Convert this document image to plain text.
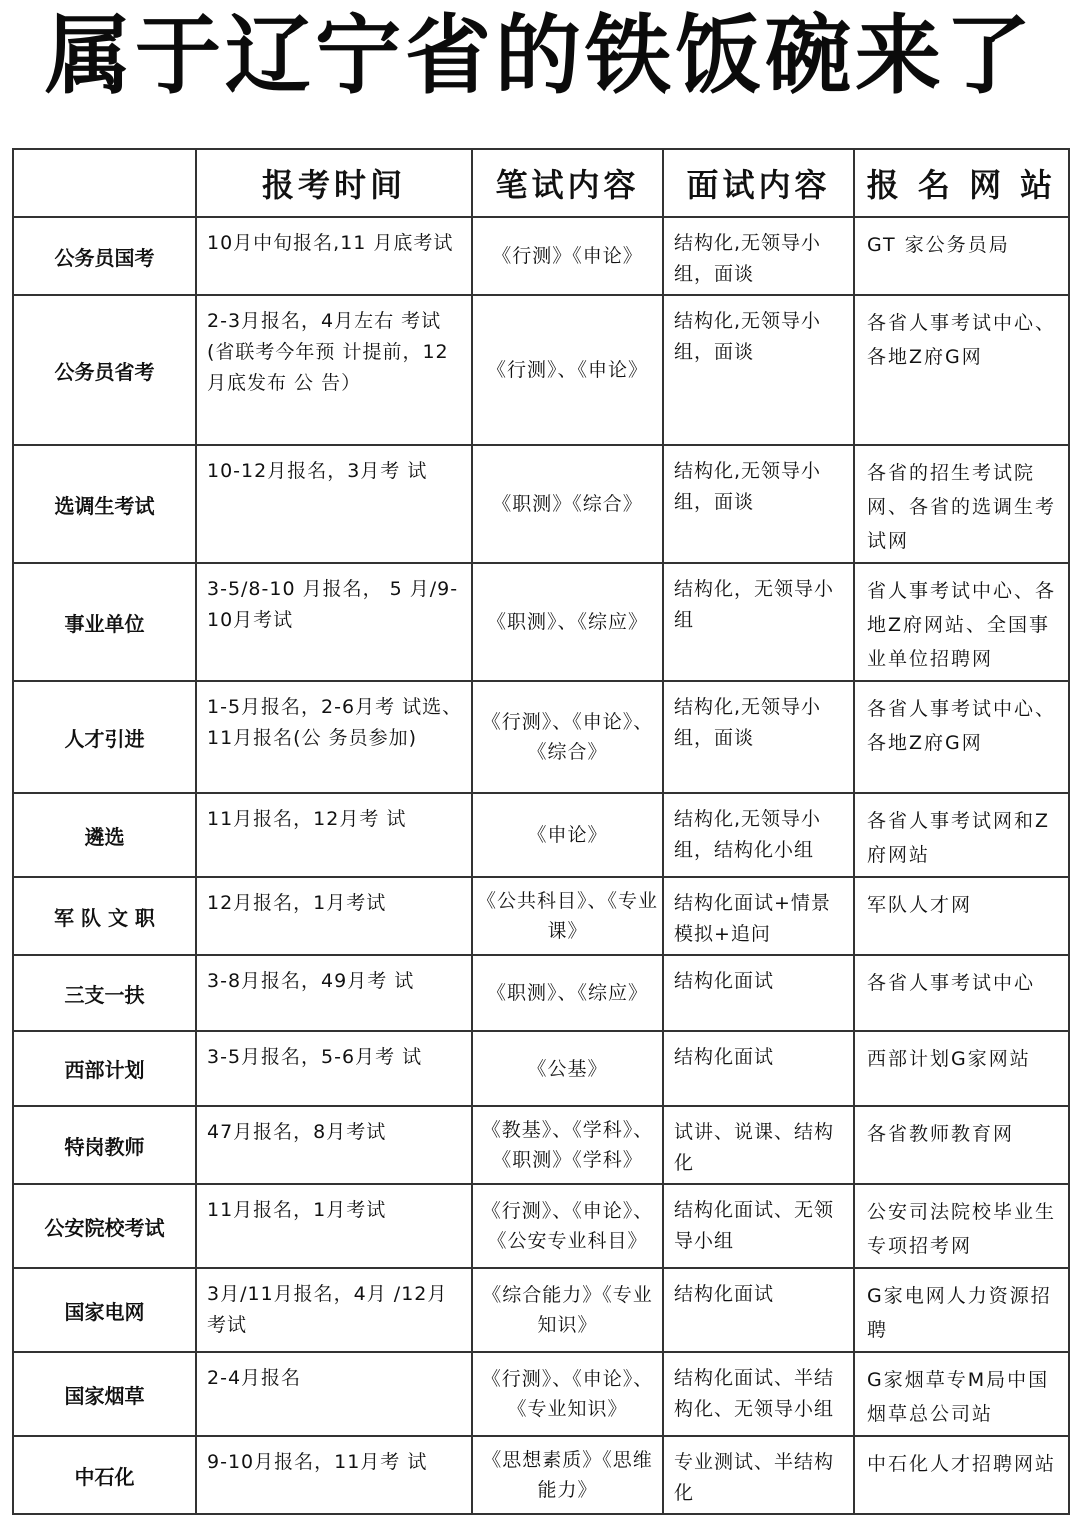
属于辽宁省的铁饭碗来了
	报考时间	笔试内容	面试内容	报 名 网 站
公务员国考	10月中旬报名,11 月底考试	《行测》《申论》	结构化,无领导小组，面谈	GT 家公务员局
公务员省考	2-3月报名，4月左右 考试(省联考今年预 计提前，12月底发布 公 告）	《行测》、《申论》	结构化,无领导小组，面谈	各省人事考试中心、 各地Z府G网
选调生考试	10-12月报名，3月考 试	《职测》《综合》	结构化,无领导小组，面谈	各省的招生考试院网、各省的选调生考试网
事业单位	3-5/8-10 月报名， 5 月/9-10月考试	《职测》、《综应》	结构化，无领导小组	省人事考试中心、各地Z府网站、全国事业单位招聘网
人才引进	1-5月报名，2-6月考 试选、11月报名(公 务员参加)	《行测》、《申论》、《综合》	结构化,无领导小组，面谈	各省人事考试中心、 各地Z府G网
遴选	11月报名，12月考 试	《申论》	结构化,无领导小组，结构化小组	各省人事考试网和Z 府网站
军 队 文 职	12月报名，1月考试	《公共科目》、《专业 课》	结构化面试+情景 模拟+追问	军队人才网
三支一扶	3-8月报名，49月考 试	《职测》、《综应》	结构化面试	各省人事考试中心
西部计划	3-5月报名，5-6月考 试	《公基》	结构化面试	西部计划G家网站
特岗教师	47月报名，8月考试	《教基》、《学科》、《职测》《学科》	试讲、说课、结构化	各省教师教育网
公安院校考试	11月报名，1月考试	《行测》、《申论》、《公安专业科目》	结构化面试、无领导小组	公安司法院校毕业生 专项招考网
国家电网	3月/11月报名，4月 /12月考试	《综合能力》《专业知识》	结构化面试	G家电网人力资源招 聘
国家烟草	2-4月报名	《行测》、《申论》、《专业知识》	结构化面试、半结构化、无领导小组	G家烟草专M局中国烟草总公司站
中石化	9-10月报名，11月考 试	《思想素质》《思维能力》	专业测试、半结构化	中石化人才招聘网站
